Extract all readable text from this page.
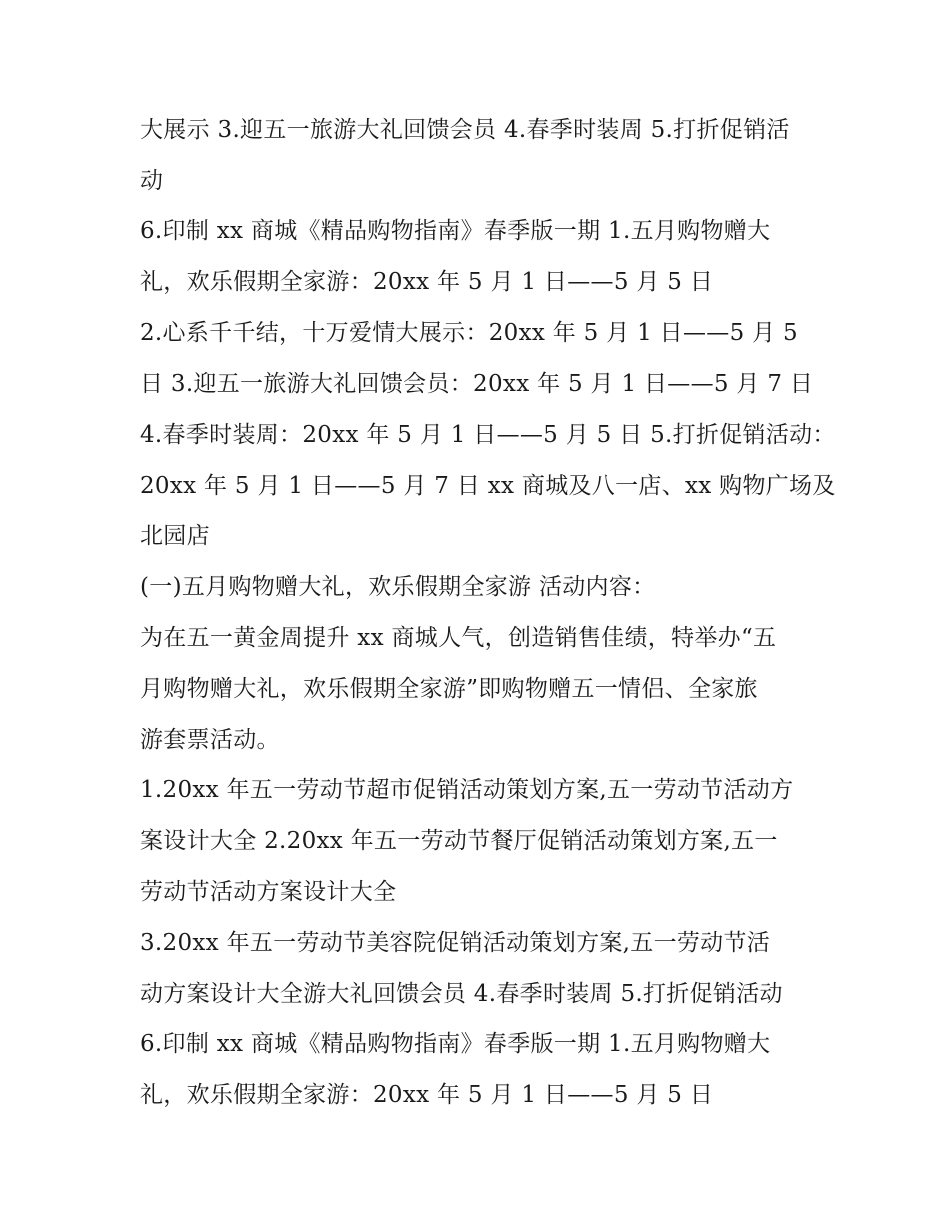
大展示 3.迎五一旅游大礼回馈会员 4.春季时装周 5.打折促销活
动
6.印制 xx 商城《精品购物指南》春季版一期 1.五月购物赠大
礼，欢乐假期全家游：20xx 年 5 月 1 日——5 月 5 日
2.心系千千结，十万爱情大展示：20xx 年 5 月 1 日——5 月 5
日 3.迎五一旅游大礼回馈会员：20xx 年 5 月 1 日——5 月 7 日
4.春季时装周：20xx 年 5 月 1 日——5 月 5 日 5.打折促销活动：
20xx 年 5 月 1 日——5 月 7 日 xx 商城及八一店、xx 购物广场及
北园店
(一)五月购物赠大礼，欢乐假期全家游 活动内容：
为在五一黄金周提升 xx 商城人气，创造销售佳绩，特举办“五
月购物赠大礼，欢乐假期全家游”即购物赠五一情侣、全家旅
游套票活动。
1.20xx 年五一劳动节超市促销活动策划方案,五一劳动节活动方
案设计大全 2.20xx 年五一劳动节餐厅促销活动策划方案,五一
劳动节活动方案设计大全
3.20xx 年五一劳动节美容院促销活动策划方案,五一劳动节活
动方案设计大全游大礼回馈会员 4.春季时装周 5.打折促销活动
6.印制 xx 商城《精品购物指南》春季版一期 1.五月购物赠大
礼，欢乐假期全家游：20xx 年 5 月 1 日——5 月 5 日
